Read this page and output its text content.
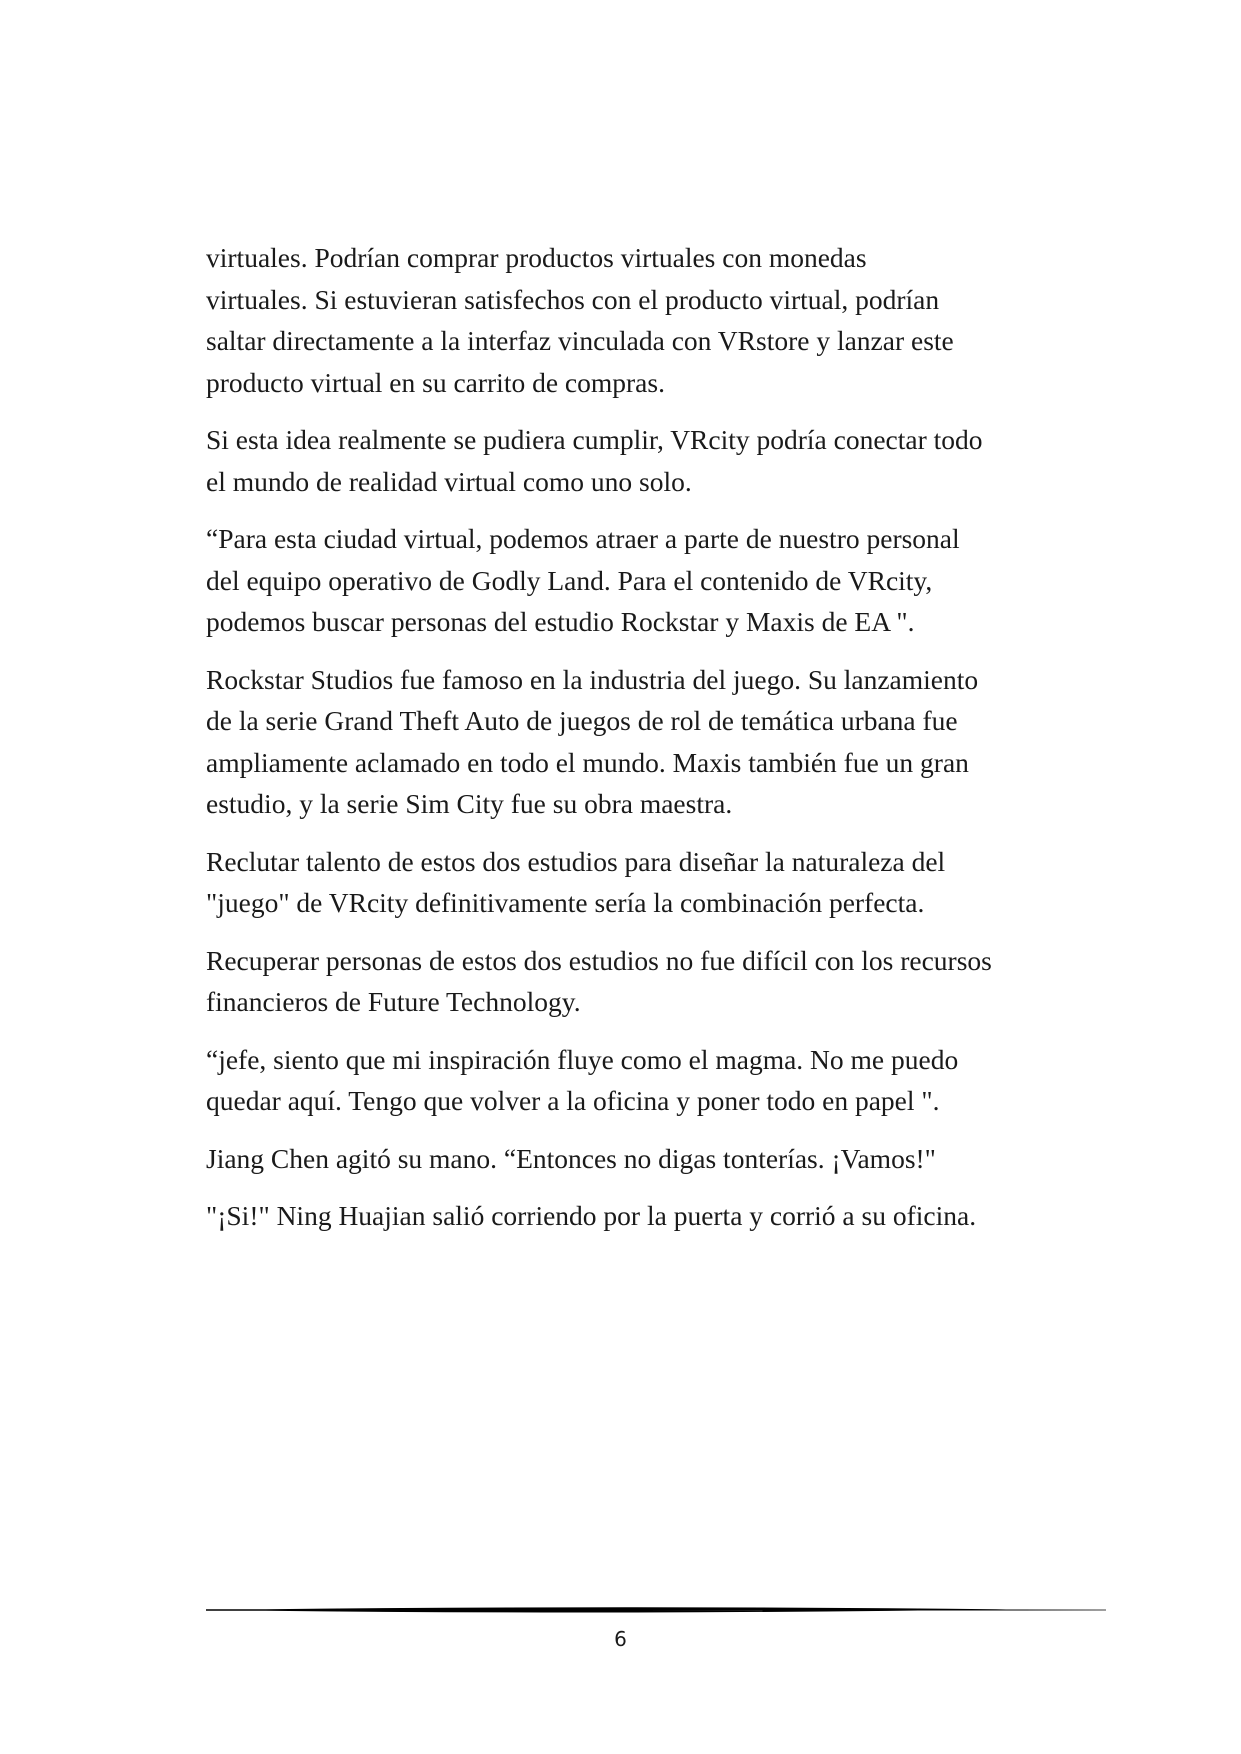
virtuales. Podrían comprar productos virtuales con monedas
virtuales. Si estuvieran satisfechos con el producto virtual, podrían
saltar directamente a la interfaz vinculada con VRstore y lanzar este
producto virtual en su carrito de compras.

Si esta idea realmente se pudiera cumplir, VRcity podría conectar todo
el mundo de realidad virtual como uno solo.

“Para esta ciudad virtual, podemos atraer a parte de nuestro personal
del equipo operativo de Godly Land. Para el contenido de VRcity,
podemos buscar personas del estudio Rockstar y Maxis de EA ".

Rockstar Studios fue famoso en la industria del juego. Su lanzamiento
de la serie Grand Theft Auto de juegos de rol de temática urbana fue
ampliamente aclamado en todo el mundo. Maxis también fue un gran
estudio, y la serie Sim City fue su obra maestra.

Reclutar talento de estos dos estudios para diseñar la naturaleza del
"juego" de VRcity definitivamente sería la combinación perfecta.

Recuperar personas de estos dos estudios no fue difícil con los recursos
financieros de Future Technology.

“jefe, siento que mi inspiración fluye como el magma. No me puedo
quedar aquí. Tengo que volver a la oficina y poner todo en papel ".

Jiang Chen agitó su mano. “Entonces no digas tonterías. ¡Vamos!"

"¡Si!" Ning Huajian salió corriendo por la puerta y corrió a su oficina.

6
